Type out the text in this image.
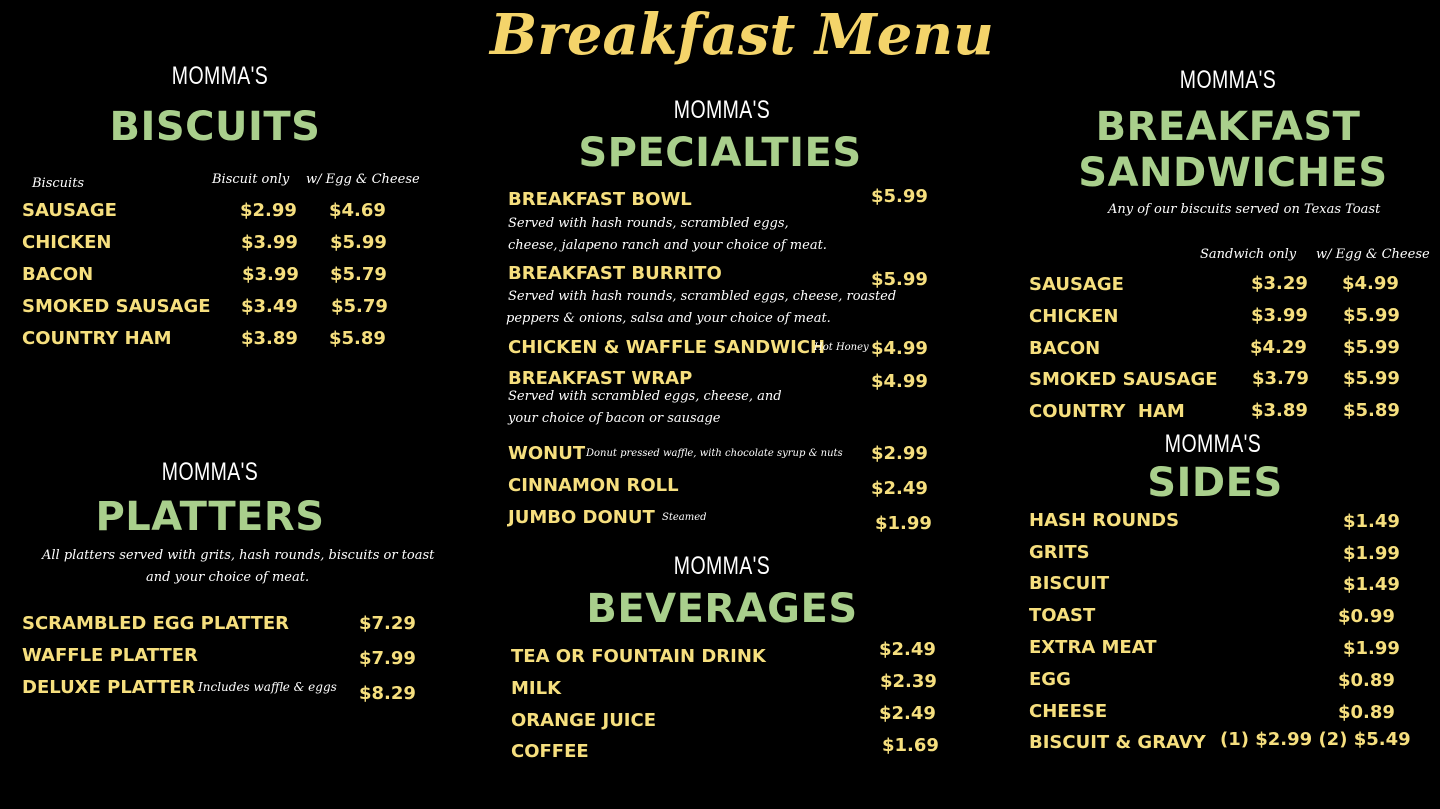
Breakfast Menu
MOMMA'S
BISCUITS
Biscuits	Biscuit only w/ Egg & Cheese
SAUSAGE	$2.99 $4.69
CHICKEN	$3.99 $5.99
BACON	$3.99 $5.79
SMOKED SAUSAGE $3.49 $5.79
COUNTRY HAM	$3.89 $5.89
MOMMA'S
PLATTERS
All platters served with grits, hash rounds, biscuits or toast
and your choice of meat.
SCRAMBLED EGG PLATTER	$7.29
WAFFLE PLATTER	$7.99
DELUXE PLATTER Includes waffle & eggs $8.29
MOMMA'S
SPECIALTIES
BREAKFAST BOWL	$5.99
Served with hash rounds, scrambled eggs,
cheese, jalapeno ranch and your choice of meat.
BREAKFAST BURRITO	$5.99
Served with hash rounds, scrambled eggs, cheese, roasted
peppers & onions, salsa and your choice of meat.
CHICKEN & WAFFLE SANDWICH
Hot Honey $4.99
BREAKFAST WRAP	$4.99
Served with scrambled eggs, cheese, and
your choice of bacon or sausage
WONUT Donut pressed waffle, with chocolate syrup & nuts $2.99
CINNAMON ROLL	$2.49
JUMBO DONUT Steamed	$1.99
MOMMA'S
BEVERAGES
TEA OR FOUNTAIN DRINK	$2.49
MILK	$2.39
ORANGE JUICE	$2.49
COFFEE	$1.69
MOMMA'S
BREAKFAST
SANDWICHES
Any of our biscuits served on Texas Toast
Sandwich only w/ Egg & Cheese
SAUSAGE	$3.29 $4.99
CHICKEN	$3.99 $5.99
BACON	$4.29 $5.99
SMOKED SAUSAGE $3.79 $5.99
COUNTRY  HAM	$3.89 $5.89
MOMMA'S
SIDES
HASH ROUNDS	$1.49
GRITS	$1.99
BISCUIT	$1.49
TOAST	$0.99
EXTRA MEAT	$1.99
EGG	$0.89
CHEESE	$0.89
BISCUIT & GRAVY (1) $2.99 (2) $5.49
